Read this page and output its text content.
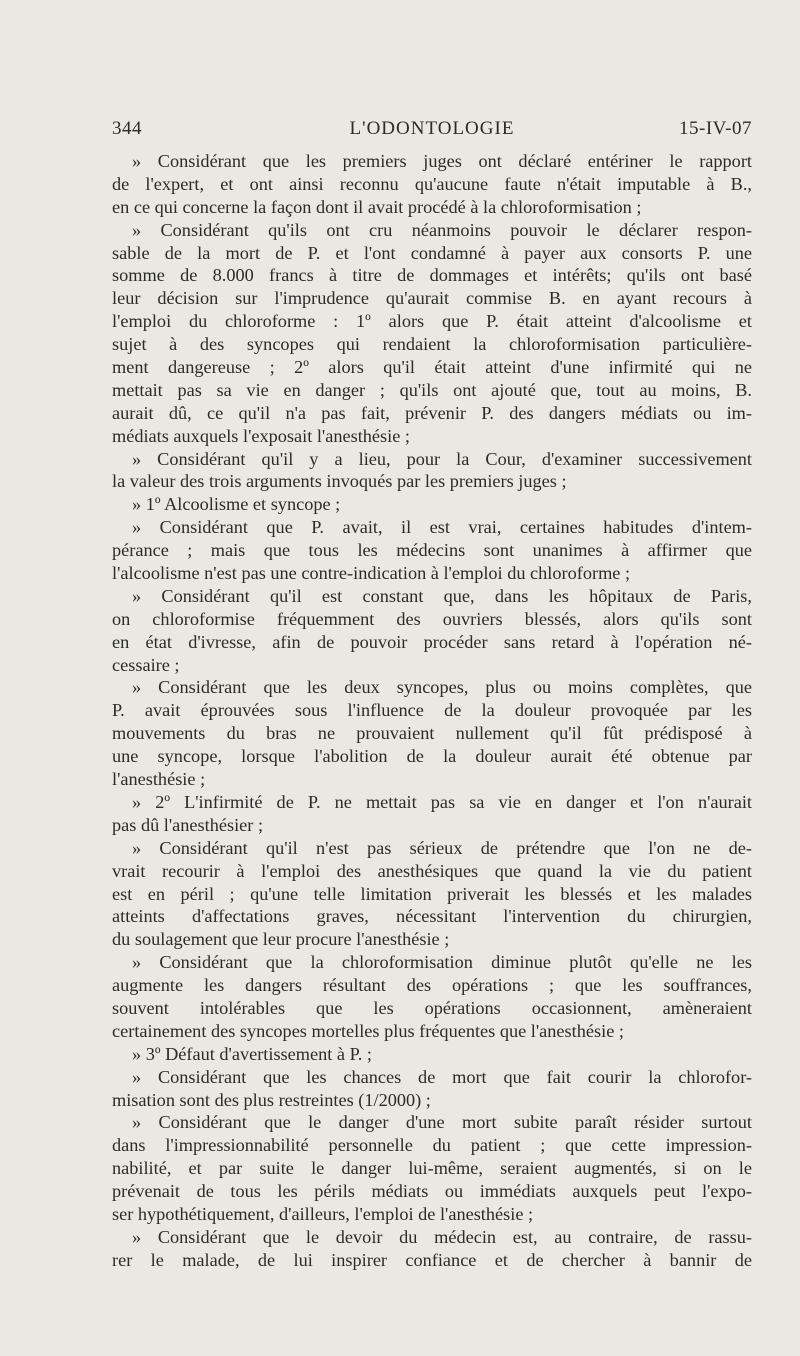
344	L'ODONTOLOGIE	15-IV-07
» Considérant que les premiers juges ont déclaré entériner le rapport
de l'expert, et ont ainsi reconnu qu'aucune faute n'était imputable à B.,
en ce qui concerne la façon dont il avait procédé à la chloroformisation ;
» Considérant qu'ils ont cru néanmoins pouvoir le déclarer respon-
sable de la mort de P. et l'ont condamné à payer aux consorts P. une
somme de 8.000 francs à titre de dommages et intérêts; qu'ils ont basé
leur décision sur l'imprudence qu'aurait commise B. en ayant recours à
l'emploi du chloroforme : 1º alors que P. était atteint d'alcoolisme et
sujet à des syncopes qui rendaient la chloroformisation particulière-
ment dangereuse ; 2º alors qu'il était atteint d'une infirmité qui ne
mettait pas sa vie en danger ; qu'ils ont ajouté que, tout au moins, B.
aurait dû, ce qu'il n'a pas fait, prévenir P. des dangers médiats ou im-
médiats auxquels l'exposait l'anesthésie ;
» Considérant qu'il y a lieu, pour la Cour, d'examiner successivement
la valeur des trois arguments invoqués par les premiers juges ;
» 1º Alcoolisme et syncope ;
» Considérant que P. avait, il est vrai, certaines habitudes d'intem-
pérance ; mais que tous les médecins sont unanimes à affirmer que
l'alcoolisme n'est pas une contre-indication à l'emploi du chloroforme ;
» Considérant qu'il est constant que, dans les hôpitaux de Paris,
on chloroformise fréquemment des ouvriers blessés, alors qu'ils sont
en état d'ivresse, afin de pouvoir procéder sans retard à l'opération né-
cessaire ;
» Considérant que les deux syncopes, plus ou moins complètes, que
P. avait éprouvées sous l'influence de la douleur provoquée par les
mouvements du bras ne prouvaient nullement qu'il fût prédisposé à
une syncope, lorsque l'abolition de la douleur aurait été obtenue par
l'anesthésie ;
» 2º L'infirmité de P. ne mettait pas sa vie en danger et l'on n'aurait
pas dû l'anesthésier ;
» Considérant qu'il n'est pas sérieux de prétendre que l'on ne de-
vrait recourir à l'emploi des anesthésiques que quand la vie du patient
est en péril ; qu'une telle limitation priverait les blessés et les malades
atteints d'affectations graves, nécessitant l'intervention du chirurgien,
du soulagement que leur procure l'anesthésie ;
» Considérant que la chloroformisation diminue plutôt qu'elle ne les
augmente les dangers résultant des opérations ; que les souffrances,
souvent intolérables que les opérations occasionnent, amèneraient
certainement des syncopes mortelles plus fréquentes que l'anesthésie ;
» 3º Défaut d'avertissement à P. ;
» Considérant que les chances de mort que fait courir la chlorofor-
misation sont des plus restreintes (1/2000) ;
» Considérant que le danger d'une mort subite paraît résider surtout
dans l'impressionnabilité personnelle du patient ; que cette impression-
nabilité, et par suite le danger lui-même, seraient augmentés, si on le
prévenait de tous les périls médiats ou immédiats auxquels peut l'expo-
ser hypothétiquement, d'ailleurs, l'emploi de l'anesthésie ;
» Considérant que le devoir du médecin est, au contraire, de rassu-
rer le malade, de lui inspirer confiance et de chercher à bannir de
